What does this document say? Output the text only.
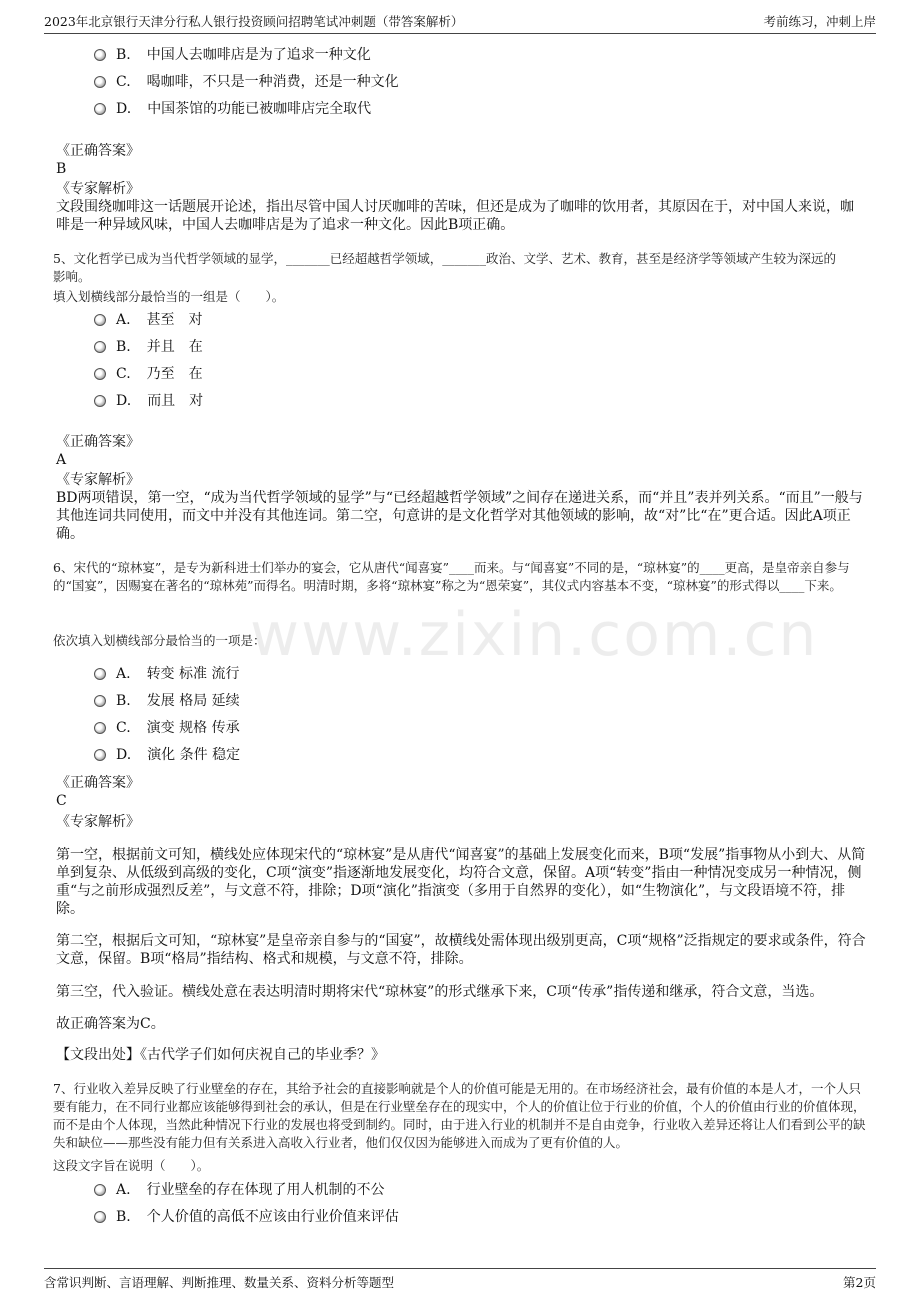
2023年北京银行天津分行私人银行投资顾问招聘笔试冲刺题（带答案解析）	考前练习，冲刺上岸
www.zixin.com.cn
B. 中国人去咖啡店是为了追求一种文化
C. 喝咖啡，不只是一种消费，还是一种文化
D. 中国茶馆的功能已被咖啡店完全取代
《正确答案》
B
《专家解析》
文段围绕咖啡这一话题展开论述，指出尽管中国人讨厌咖啡的苦味，但还是成为了咖啡的饮用者，其原因在于，对中国人来说，咖啡是一种异域风味，中国人去咖啡店是为了追求一种文化。因此B项正确。
5、文化哲学已成为当代哲学领域的显学，_______已经超越哲学领域，_______政治、文学、艺术、教育，甚至是经济学等领域产生较为深远的
影响。
填入划横线部分最恰当的一组是（　　）。
A. 甚至　对
B. 并且　在
C. 乃至　在
D. 而且　对
《正确答案》
A
《专家解析》
BD两项错误，第一空，“成为当代哲学领域的显学”与“已经超越哲学领域”之间存在递进关系，而“并且”表并列关系。“而且”一般与其他连词共同使用，而文中并没有其他连词。第二空，句意讲的是文化哲学对其他领域的影响，故“对”比“在”更合适。因此A项正确。
6、宋代的“琼林宴”，是专为新科进士们举办的宴会，它从唐代“闻喜宴”____而来。与“闻喜宴”不同的是，“琼林宴”的____更高，是皇帝亲自参与的“国宴”，因赐宴在著名的“琼林苑”而得名。明清时期，多将“琼林宴”称之为“恩荣宴”，其仪式内容基本不变，“琼林宴”的形式得以____下来。
依次填入划横线部分最恰当的一项是：
A. 转变 标准 流行
B. 发展 格局 延续
C. 演变 规格 传承
D. 演化 条件 稳定
《正确答案》
C
《专家解析》
第一空，根据前文可知，横线处应体现宋代的“琼林宴”是从唐代“闻喜宴”的基础上发展变化而来，B项“发展”指事物从小到大、从简单到复杂、从低级到高级的变化，C项“演变”指逐渐地发展变化，均符合文意，保留。A项“转变”指由一种情况变成另一种情况，侧重“与之前形成强烈反差”，与文意不符，排除；D项“演化”指演变（多用于自然界的变化），如“生物演化”，与文段语境不符，排除。
第二空，根据后文可知，“琼林宴”是皇帝亲自参与的“国宴”，故横线处需体现出级别更高，C项“规格”泛指规定的要求或条件，符合文意，保留。B项“格局”指结构、格式和规模，与文意不符，排除。
第三空，代入验证。横线处意在表达明清时期将宋代“琼林宴”的形式继承下来，C项“传承”指传递和继承，符合文意，当选。
故正确答案为C。
【文段出处】《古代学子们如何庆祝自己的毕业季？》
7、行业收入差异反映了行业壁垒的存在，其给予社会的直接影响就是个人的价值可能是无用的。在市场经济社会，最有价值的本是人才，一个人只要有能力，在不同行业都应该能够得到社会的承认，但是在行业壁垒存在的现实中，个人的价值让位于行业的价值，个人的价值由行业的价值体现，而不是由个人体现，当然此种情况下行业的发展也将受到制约。同时，由于进入行业的机制并不是自由竞争，行业收入差异还将让人们看到公平的缺失和缺位——那些没有能力但有关系进入高收入行业者，他们仅仅因为能够进入而成为了更有价值的人。
这段文字旨在说明（　　）。
A. 行业壁垒的存在体现了用人机制的不公
B. 个人价值的高低不应该由行业价值来评估
含常识判断、言语理解、判断推理、数量关系、资料分析等题型	第2页
